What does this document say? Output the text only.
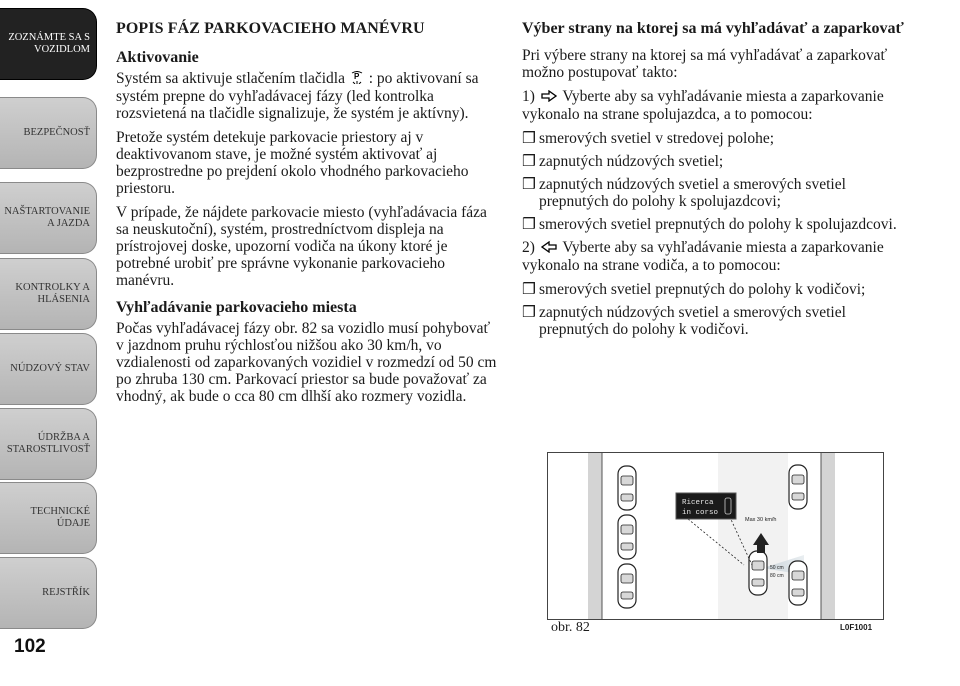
ZOZNÁMTE SA S
VOZIDLOM
BEZPEČNOSŤ
NAŠTARTOVANIE
A JAZDA
KONTROLKY A
HLÁSENIA
NÚDZOVÝ STAV
ÚDRŽBA A
STAROSTLIVOSŤ
TECHNICKÉ
ÚDAJE
REJSTŘÍK
102
POPIS FÁZ PARKOVACIEHO MANÉVRU
Aktivovanie

Systém sa aktivuje stlačením tlačidla P : po aktivovaní sa systém prepne do vyhľadávacej fázy (led kontrolka rozsvietená na tlačidle signalizuje, že systém je aktívny).

Pretože systém detekuje parkovacie priestory aj v deaktivovanom stave, je možné systém aktivovať aj bezprostredne po prejdení okolo vhodného parkovacieho priestoru.

V prípade, že nájdete parkovacie miesto (vyhľadávacia fáza sa neuskutoční), systém, prostredníctvom displeja na prístrojovej doske, upozorní vodiča na úkony ktoré je potrebné urobiť pre správne vykonanie parkovacieho manévru.

Vyhľadávanie parkovacieho miesta

Počas vyhľadávacej fázy obr. 82 sa vozidlo musí pohybovať v jazdnom pruhu rýchlosťou nižšou ako 30 km/h, vo vzdialenosti od zaparkovaných vozidiel v rozmedzí od 50 cm po zhruba 130 cm. Parkovací priestor sa bude považovať za vhodný, ak bude o cca 80 cm dlhší ako rozmery vozidla.

Výber strany na ktorej sa má vyhľadávať a zaparkovať

Pri výbere strany na ktorej sa má vyhľadávať a zaparkovať možno postupovať takto:

1) Vyberte aby sa vyhľadávanie miesta a zaparkovanie vykonalo na strane spolujazdca, a to pomocou:

❒ smerových svetiel v stredovej polohe;
❒ zapnutých núdzových svetiel;
❒ zapnutých núdzových svetiel a smerových svetiel prepnutých do polohy k spolujazdcovi;
❒ smerových svetiel prepnutých do polohy k spolujazdcovi.

2) Vyberte aby sa vyhľadávanie miesta a zaparkovanie vykonalo na strane vodiča, a to pomocou:

❒ smerových svetiel prepnutých do polohy k vodičovi;
❒ zapnutých núdzových svetiel a smerových svetiel prepnutých do polohy k vodičovi.
Ricerca
in corso
Max 30 km/h
50 cm
80 cm
obr. 82	L0F1001
